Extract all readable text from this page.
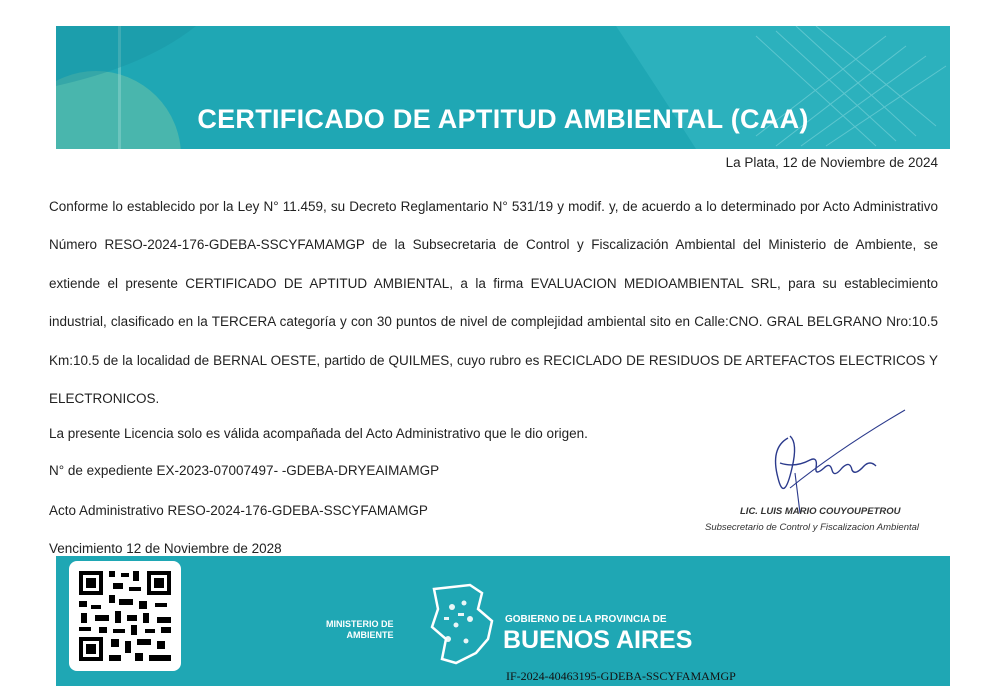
CERTIFICADO DE APTITUD AMBIENTAL (CAA)
La Plata, 12 de Noviembre de 2024

Conforme lo establecido por la Ley N° 11.459, su Decreto Reglamentario N° 531/19 y modif. y, de acuerdo a lo determinado por Acto Administrativo Número RESO-2024-176-GDEBA-SSCYFAMAMGP de la Subsecretaria de Control y Fiscalización Ambiental del Ministerio de Ambiente, se extiende el presente CERTIFICADO DE APTITUD AMBIENTAL, a la firma EVALUACION MEDIOAMBIENTAL SRL, para su establecimiento industrial, clasificado en la TERCERA categoría y con 30 puntos de nivel de complejidad ambiental sito en Calle:CNO. GRAL BELGRANO Nro:10.5 Km:10.5 de la localidad de BERNAL OESTE, partido de QUILMES, cuyo rubro es RECICLADO DE RESIDUOS DE ARTEFACTOS ELECTRICOS Y ELECTRONICOS.

La presente Licencia solo es válida acompañada del Acto Administrativo que le dio origen.
N° de expediente EX-2023-07007497- -GDEBA-DRYEAIMAMGP
Acto Administrativo RESO-2024-176-GDEBA-SSCYFAMAMGP
Vencimiento 12 de Noviembre de 2028
LIC. LUIS MARIO COUYOUPETROU
Subsecretario de Control y Fiscalizacion Ambiental
MINISTERIO DE
AMBIENTE
GOBIERNO DE LA PROVINCIA DE
BUENOS AIRES
IF-2024-40463195-GDEBA-SSCYFAMAMGP
